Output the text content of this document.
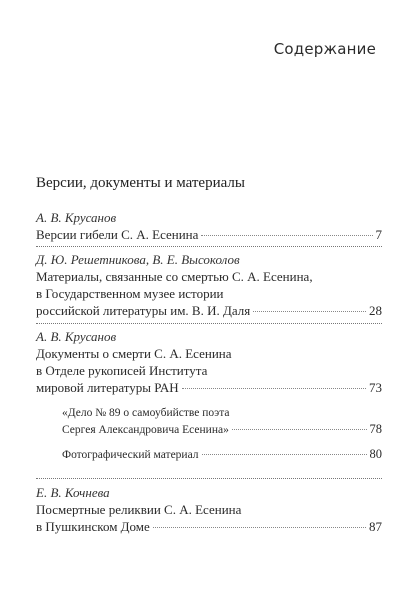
Содержание
Версии, документы и материалы
А. В. Крусанов
Версии гибели С. А. Есенина	7
Д. Ю. Решетникова, В. Е. Высоколов
Материалы, связанные со смертью С. А. Есенина,
в Государственном музее истории
российской литературы им. В. И. Даля	28
А. В. Крусанов
Документы о смерти С. А. Есенина
в Отделе рукописей Института
мировой литературы РАН	73
«Дело № 89 о самоубийстве поэта
Сергея Александровича Есенина»	78
Фотографический материал	80
Е. В. Кочнева
Посмертные реликвии С. А. Есенина
в Пушкинском Доме	87
